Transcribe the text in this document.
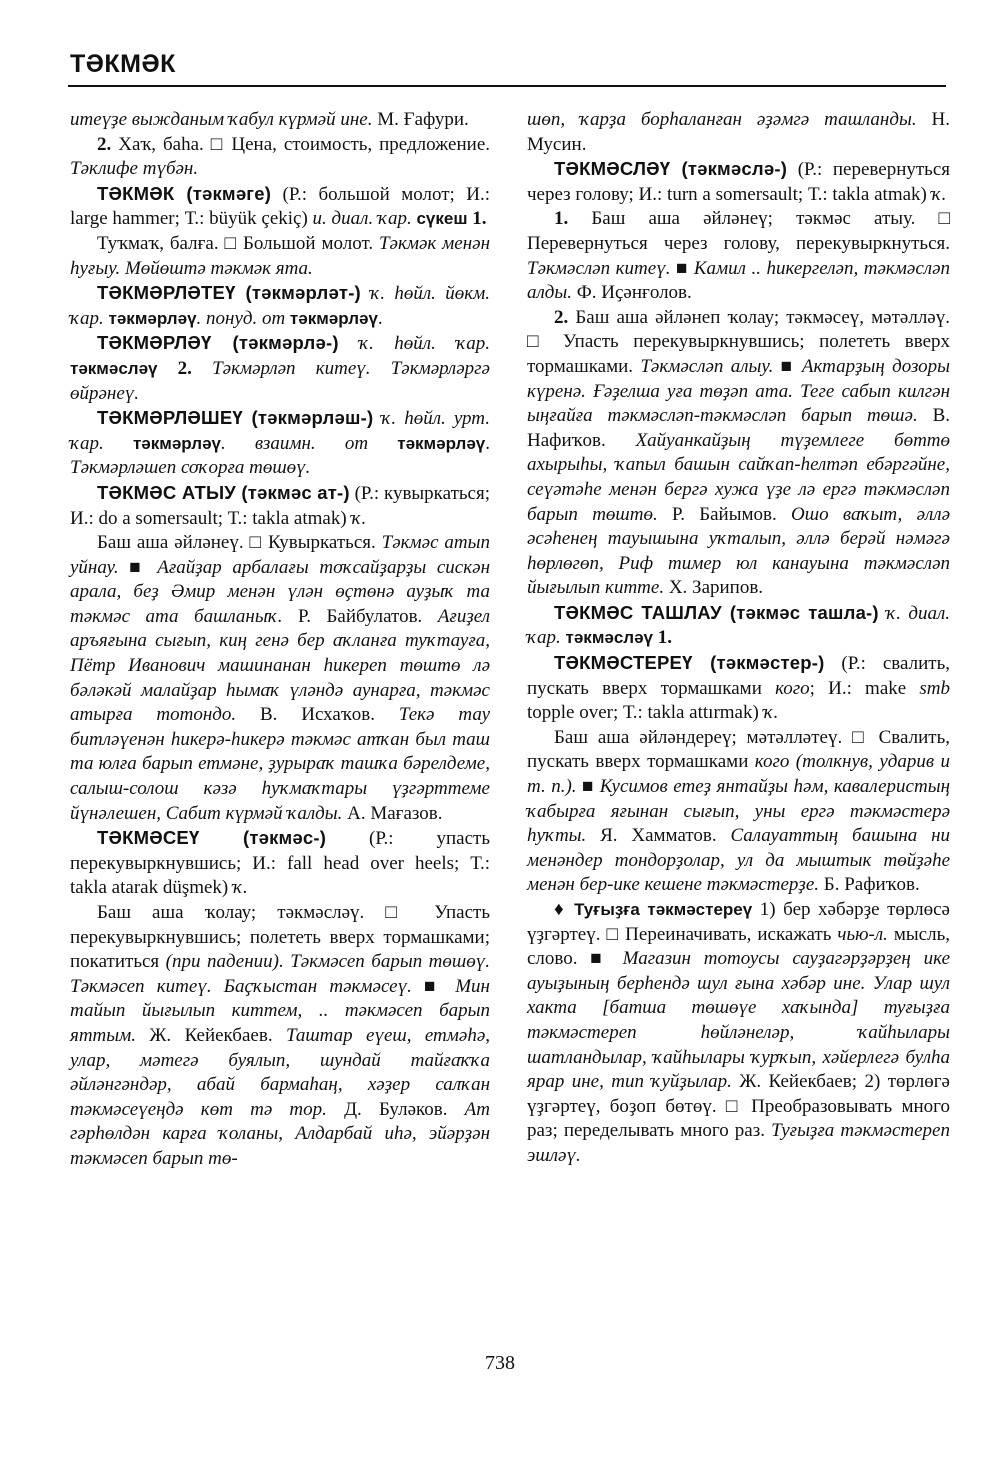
ТӘКМӘК

итеүҙе выжданым ҡабул күрмәй ине. М. Ғафури.

2. Хаҡ, баһа. □ Цена, стоимость, предложение. Тәклифе түбән.

ТӘКМӘК (тәкмәге) (Р.: большой молот; И.: large hammer; Т.: büyük çekiç) и. диал. ҡар. сүкеш 1.

Туҡмаҡ, балға. □ Большой молот. Тәкмәк менән һуғыу. Мөйөштә тәкмәк ята.

ТӘКМӘРЛӘТЕҮ (тәкмәрләт-) ҡ. һөйл. йөкм. ҡар. тәкмәрләү. понуд. от тәкмәрләү.

ТӘКМӘРЛӘҮ (тәкмәрлә-) ҡ. һөйл. ҡар. тәкмәсләү 2. Тәкмәрләп китеү. Тәкмәрләргә өйрәнеү.

ТӘКМӘРЛӘШЕҮ (тәкмәрләш-) ҡ. һөйл. урт. ҡар. тәкмәрләү. взаимн. от тәкмәрләү. Тәкмәрләшеп соҡорға төшөү.

ТӘКМӘС АТЫУ (тәкмәс ат-) (Р.: кувыркаться; И.: do a somersault; Т.: takla atmak) ҡ.

Баш аша әйләнеү. □ Кувыркаться. Тәкмәс атып уйнау. ■ Ағайҙар арбалағы тоҡсайҙарҙы сискән арала, беҙ Әмир менән үлән өҫтөнә ауҙыҡ та тәкмәс ата башланыҡ. Р. Байбулатов. Ағиҙел аръяғына сығып, киң генә бер аҡланға туҡтауға, Пётр Иванович машинанан һикереп төштө лә бәләкәй малайҙар һымаҡ үләндә аунарға, тәкмәс атырға тотондо. В. Исхаҡов. Текә тау битләүенән һикерә-һикерә тәкмәс атҡан был таш та юлға барып етмәне, ҙурыраҡ ташҡа бәрелдеме, салыш-солош кәзә һуҡмаҡтары үҙгәрттеме йүнәлешен, Сабит күрмәй ҡалды. А. Мағазов.

ТӘКМӘСЕҮ (тәкмәс-) (Р.: упасть перекувыркнувшись; И.: fall head over heels; Т.: takla atarak düşmek) ҡ.

Баш аша ҡолау; тәкмәсләү. □ Упасть перекувыркнувшись; полететь вверх тормашками; покатиться (при падении). Тәкмәсеп барып төшөү. Тәкмәсеп китеү. Баҫҡыстан тәкмәсеү. ■ Мин тайып йығылып киттем, .. тәкмәсеп барып яттым. Ж. Кейекбаев. Таштар еүеш, етмәһә, улар, мәтегә буялып, шундай тайғаҡҡа әйләнгәндәр, абай бармаһаң, хәҙер салҡан тәкмәсеүеңдә көт тә тор. Д. Буләков. Ат гәрһөлдән карға ҡоланы, Алдарбай иһә, эйәрҙән тәкмәсеп барып тө-

шөп, ҡарҙа борһаланған әҙәмгә ташланды. Н. Мусин.

ТӘКМӘСЛӘҮ (тәкмәслә-) (Р.: перевернуться через голову; И.: turn a somersault; Т.: takla atmak) ҡ.

1. Баш аша әйләнеү; тәкмәс атыу. □ Перевернуться через голову, перекувыркнуться. Тәкмәсләп китеү. ■ Камил .. һикергеләп, тәкмәсләп алды. Ф. Иҫәнғолов.

2. Баш аша әйләнеп ҡолау; тәкмәсеү, мәтәлләү. □ Упасть перекувыркнувшись; полететь вверх тормашками. Тәкмәсләп алыу. ■ Актарҙың дозоры күренә. Ғәҙелша уға төҙәп ата. Теге сабып килгән ыңғайға тәкмәсләп-тәкмәсләп барып төшә. В. Нафиҡов. Хайуанкайҙың түҙемлеге бөттө ахырыһы, ҡапыл башын сайҡап-һелтәп ебәргәйне, сеүәтәһе менән бергә хужа үҙе лә ергә тәкмәсләп барып төштө. Р. Байымов. Ошо ваҡыт, әллә әсәһенең тауышына уҡталып, әллә берәй нәмәгә һөрлөгөп, Риф тимер юл канауына тәкмәсләп йығылып китте. Х. Зарипов.

ТӘКМӘС ТАШЛАУ (тәкмәс ташла-) ҡ. диал. ҡар. тәкмәсләү 1.

ТӘКМӘСТЕРЕҮ (тәкмәстер-) (Р.: свалить, пускать вверх тормашками кого; И.: make smb topple over; Т.: takla attırmak) ҡ.

Баш аша әйләндереү; мәтәлләтеү. □ Свалить, пускать вверх тормашками кого (толкнув, ударив и т. п.). ■ Кусимов етеҙ янтайҙы һәм, кавалеристың ҡабырға яғынан сығып, уны ергә тәкмәстерә һуҡты. Я. Хамматов. Салауаттың башына ни менәндер тондорҙолар, ул да мыштык төйҙәһе менән бер-ике кешене тәкмәстерҙе. Б. Рафиҡов.

♦ Туғыҙға тәкмәстереү 1) бер хәбәрҙе төрлөсә үҙгәртеү. □ Переиначивать, искажать чью-л. мысль, слово. ■ Магазин тотоусы сауҙагәрҙәрҙең ике ауыҙының берһендә шул ғына хәбәр ине. Улар шул хакта [батша төшөүе хаҡында] туғыҙға тәкмәстереп һөйләнеләр, ҡайһылары шатландылар, ҡайһылары ҡурҡып, хәйерлегә булһа ярар ине, тип ҡуйҙылар. Ж. Кейекбаев; 2) төрлөгә үҙгәртеү, боҙоп бөтөү. □ Преобразовывать много раз; переделывать много раз. Туғыҙға тәкмәстереп эшләү.

738
